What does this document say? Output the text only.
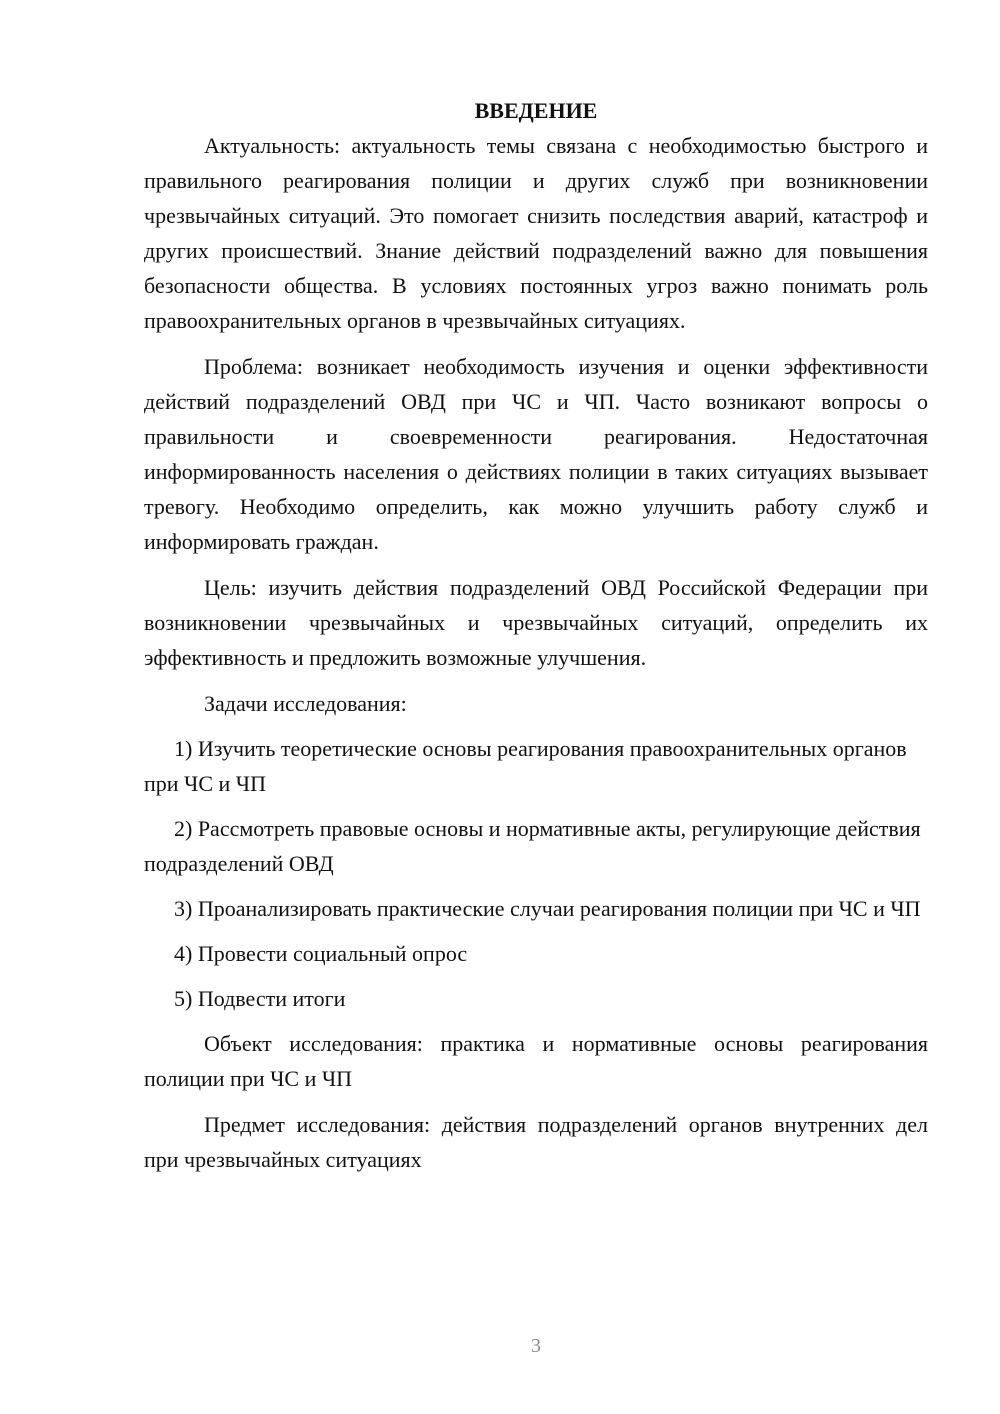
ВВЕДЕНИЕ

Актуальность: актуальность темы связана с необходимостью быстрого и правильного реагирования полиции и других служб при возникновении чрезвычайных ситуаций. Это помогает снизить последствия аварий, катастроф и других происшествий. Знание действий подразделений важно для повышения безопасности общества. В условиях постоянных угроз важно понимать роль правоохранительных органов в чрезвычайных ситуациях.

Проблема: возникает необходимость изучения и оценки эффективности действий подразделений ОВД при ЧС и ЧП. Часто возникают вопросы о правильности и своевременности реагирования. Недостаточная информированность населения о действиях полиции в таких ситуациях вызывает тревогу. Необходимо определить, как можно улучшить работу служб и информировать граждан.

Цель: изучить действия подразделений ОВД Российской Федерации при возникновении чрезвычайных и чрезвычайных ситуаций, определить их эффективность и предложить возможные улучшения.

Задачи исследования:

1) Изучить теоретические основы реагирования правоохранительных органов при ЧС и ЧП

2) Рассмотреть правовые основы и нормативные акты, регулирующие действия подразделений ОВД

3) Проанализировать практические случаи реагирования полиции при ЧС и ЧП

4) Провести социальный опрос

5) Подвести итоги

Объект исследования: практика и нормативные основы реагирования полиции при ЧС и ЧП

Предмет исследования: действия подразделений органов внутренних дел при чрезвычайных ситуациях

3
